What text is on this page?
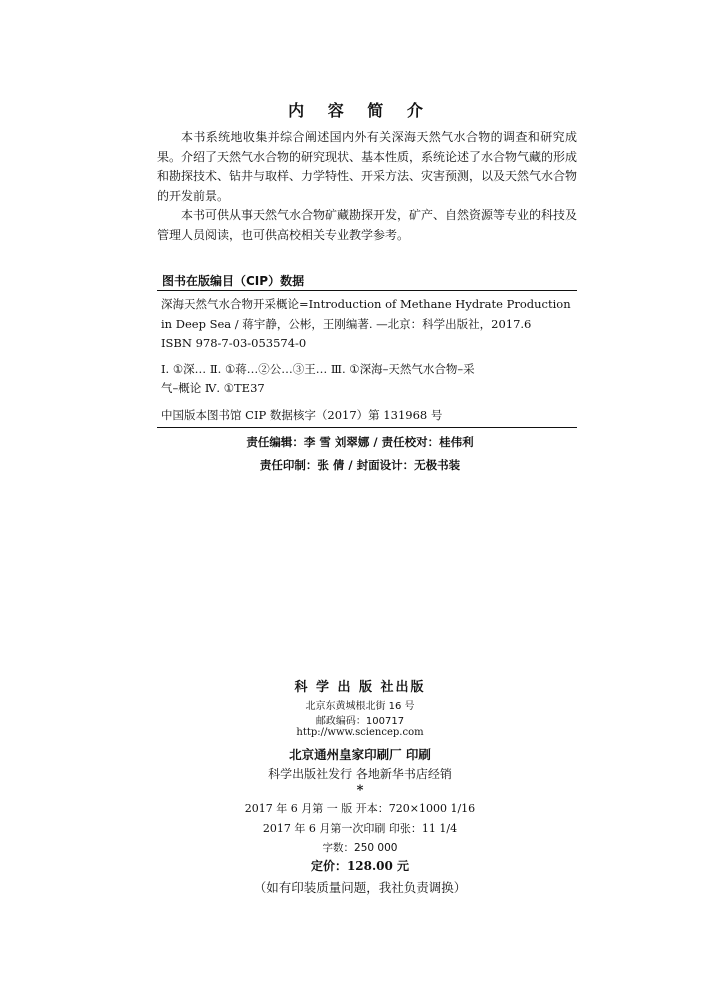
内 容 简 介

本书系统地收集并综合阐述国内外有关深海天然气水合物的调查和研究成果。介绍了天然气水合物的研究现状、基本性质，系统论述了水合物气藏的形成和勘探技术、钻井与取样、力学特性、开采方法、灾害预测，以及天然气水合物的开发前景。

本书可供从事天然气水合物矿藏勘探开发，矿产、自然资源等专业的科技及管理人员阅读，也可供高校相关专业教学参考。

图书在版编目（CIP）数据
深海天然气水合物开采概论=Introduction of Methane Hydrate Production
in Deep Sea / 蒋宇静，公彬，王刚编著. —北京：科学出版社，2017.6
ISBN 978-7-03-053574-0
Ⅰ. ①深… Ⅱ. ①蒋…②公…③王… Ⅲ. ①深海–天然气水合物–采
气–概论 Ⅳ. ①TE37
中国版本图书馆 CIP 数据核字（2017）第 131968 号
责任编辑：李 雪 刘翠娜 / 责任校对：桂伟利
责任印制：张 倩 / 封面设计：无极书装
科 学 出 版 社出版
北京东黄城根北街 16 号
邮政编码：100717
http://www.sciencep.com
北京通州皇家印刷厂 印刷
科学出版社发行 各地新华书店经销
*
2017 年 6 月第 一 版 开本：720×1000 1/16
2017 年 6 月第一次印刷 印张：11 1/4
字数：250 000
定价：128.00 元
（如有印装质量问题，我社负责调换）
